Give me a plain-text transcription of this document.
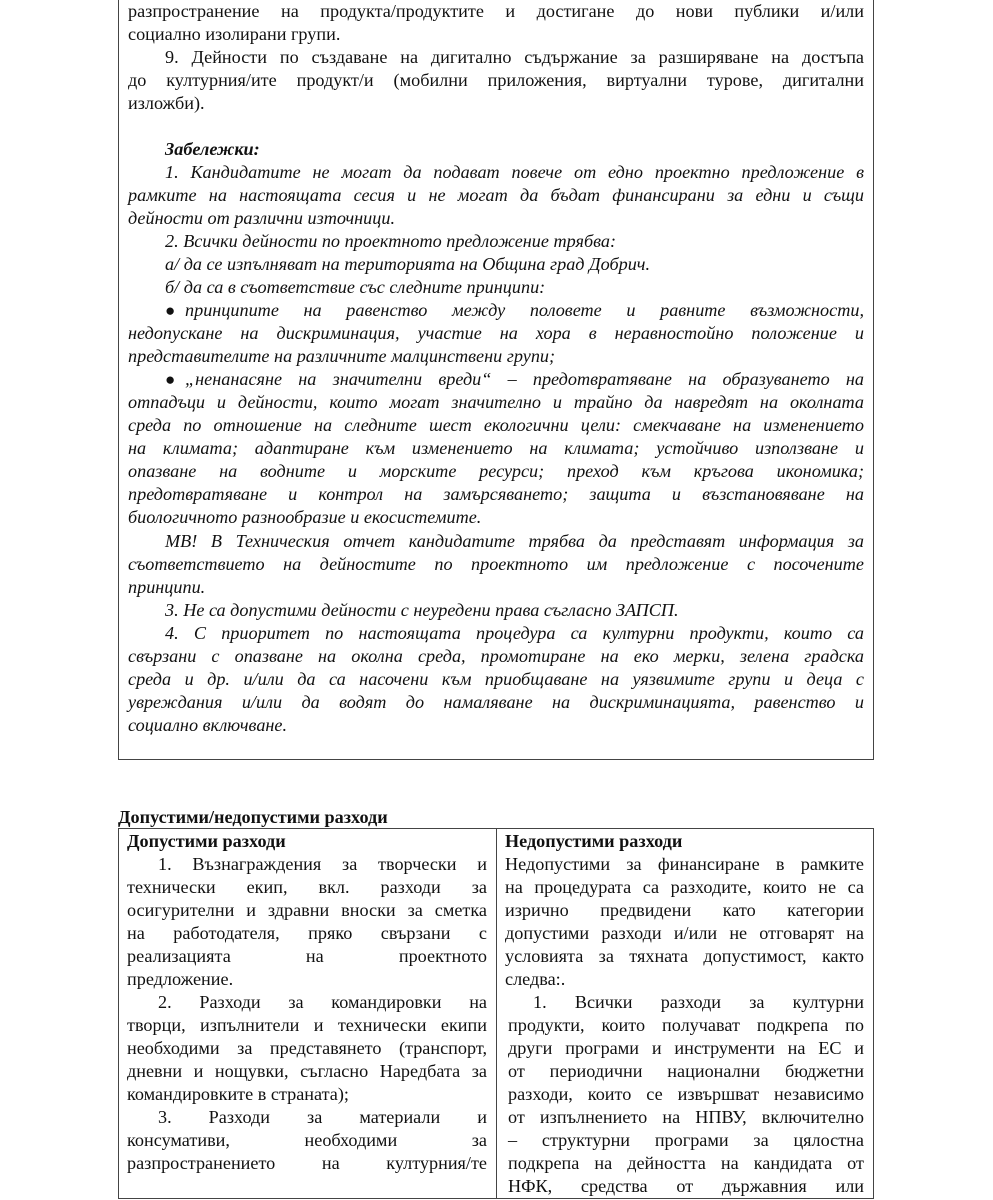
разпространение на продукта/продуктите и достигане до нови публики и/или

социално изолирани групи.

9. Дейности по създаване на дигитално съдържание за разширяване на достъпа

до културния/ите продукт/и (мобилни приложения, виртуални турове, дигитални

изложби).

Забележки:

1. Кандидатите не могат да подават повече от едно проектно предложение в

рамките на настоящата сесия и не могат да бъдат финансирани за едни и същи

дейности от различни източници.

2. Всички дейности по проектното предложение трябва:

а/ да се изпълняват на територията на Община град Добрич.

б/ да са в съответствие със следните принципи:

● принципите на равенство между половете и равните възможности,

недопускане на дискриминация, участие на хора в неравностойно положение и

представителите на различните малцинствени групи;

● „ненанасяне на значителни вреди“ – предотвратяване на образуването на

отпадъци и дейности, които могат значително и трайно да навредят на околната

среда по отношение на следните шест екологични цели: смекчаване на изменението

на климата; адаптиране към изменението на климата; устойчиво използване и

опазване на водните и морските ресурси; преход към кръгова икономика;

предотвратяване и контрол на замърсяването; защита и възстановяване на

биологичното разнообразие и екосистемите.

МВ! В Техническия отчет кандидатите трябва да представят информация за

съответствието на дейностите по проектното им предложение с посочените

принципи.

3. Не са допустими дейности с неуредени права съгласно ЗАПСП.

4. С приоритет по настоящата процедура са културни продукти, които са

свързани с опазване на околна среда, промотиране на еко мерки, зелена градска

среда и др. и/или да са насочени към приобщаване на уязвимите групи и деца с

увреждания и/или да водят до намаляване на дискриминацията, равенство и

социално включване.

Допустими/недопустими разходи

Допустими разходи

1. Възнаграждения за творчески и

технически екип, вкл. разходи за

осигурителни и здравни вноски за сметка

на работодателя, пряко свързани с

реализацията на проектното

предложение.

2. Разходи за командировки на

творци, изпълнители и технически екипи

необходими за представянето (транспорт,

дневни и нощувки, съгласно Наредбата за

командировките в страната);

3. Разходи за материали и

консумативи, необходими за

разпространението на културния/те

Недопустими разходи

Недопустими за финансиране в рамките

на процедурата са разходите, които не са

изрично предвидени като категории

допустими разходи и/или не отговарят на

условията за тяхната допустимост, както

следва:.

1. Всички разходи за културни

продукти, които получават подкрепа по

други програми и инструменти на ЕС и

от периодични национални бюджетни

разходи, които се извършват независимо

от изпълнението на НПВУ, включително

– структурни програми за цялостна

подкрепа на дейността на кандидата от

НФК, средства от държавния или
